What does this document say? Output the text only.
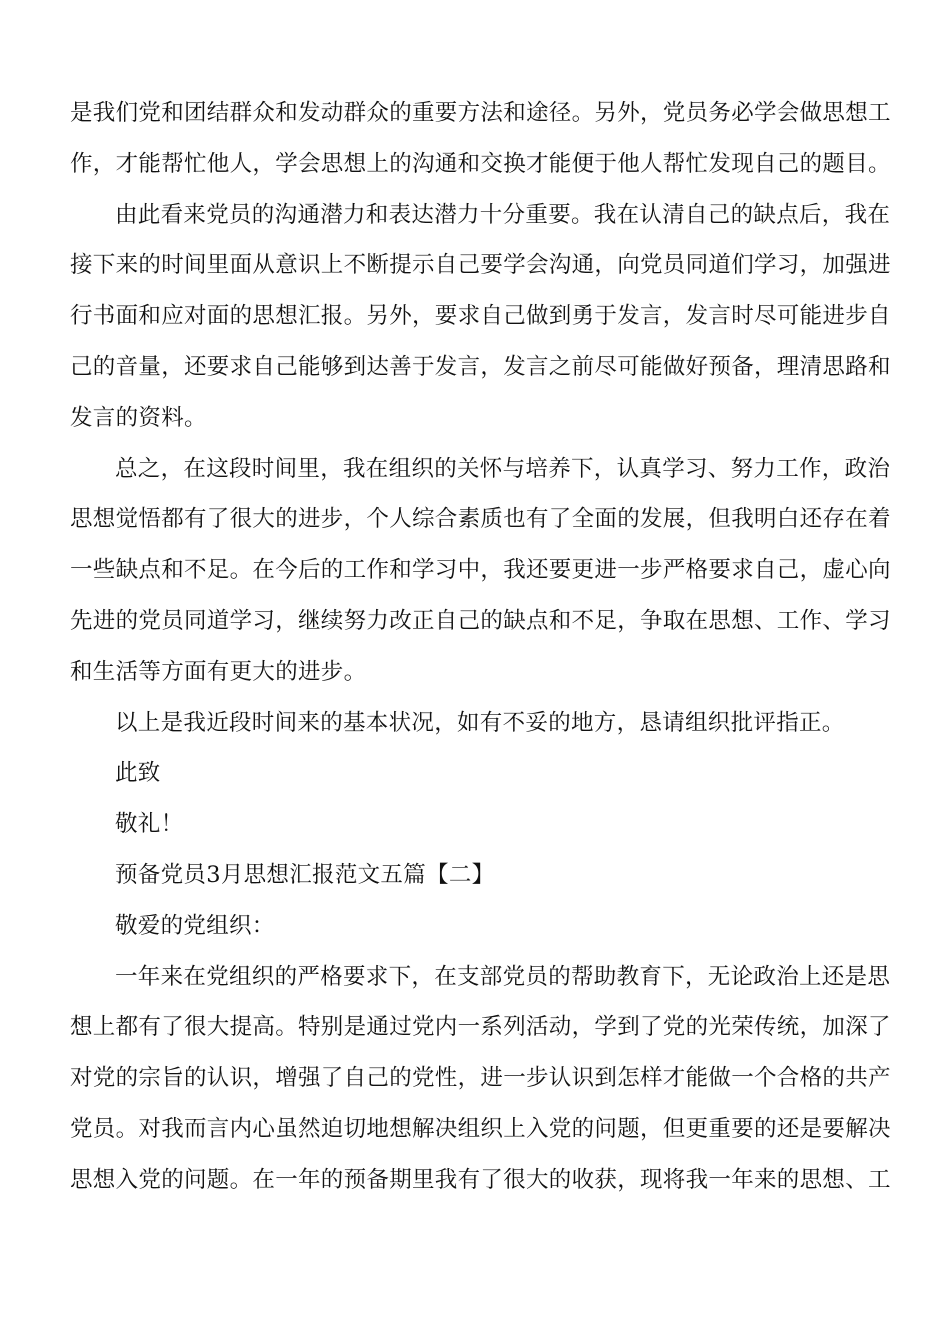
是我们党和团结群众和发动群众的重要方法和途径。另外，党员务必学会做思想工
作，才能帮忙他人，学会思想上的沟通和交换才能便于他人帮忙发现自己的题目。
由此看来党员的沟通潜力和表达潜力十分重要。我在认清自己的缺点后，我在
接下来的时间里面从意识上不断提示自己要学会沟通，向党员同道们学习，加强进
行书面和应对面的思想汇报。另外，要求自己做到勇于发言，发言时尽可能进步自
己的音量，还要求自己能够到达善于发言，发言之前尽可能做好预备，理清思路和
发言的资料。
总之，在这段时间里，我在组织的关怀与培养下，认真学习、努力工作，政治
思想觉悟都有了很大的进步，个人综合素质也有了全面的发展，但我明白还存在着
一些缺点和不足。在今后的工作和学习中，我还要更进一步严格要求自己，虚心向
先进的党员同道学习，继续努力改正自己的缺点和不足，争取在思想、工作、学习
和生活等方面有更大的进步。
以上是我近段时间来的基本状况，如有不妥的地方，恳请组织批评指正。
此致
敬礼！
预备党员3月思想汇报范文五篇【二】
敬爱的党组织：
一年来在党组织的严格要求下，在支部党员的帮助教育下，无论政治上还是思
想上都有了很大提高。特别是通过党内一系列活动，学到了党的光荣传统，加深了
对党的宗旨的认识，增强了自己的党性，进一步认识到怎样才能做一个合格的共产
党员。对我而言内心虽然迫切地想解决组织上入党的问题，但更重要的还是要解决
思想入党的问题。在一年的预备期里我有了很大的收获，现将我一年来的思想、工
